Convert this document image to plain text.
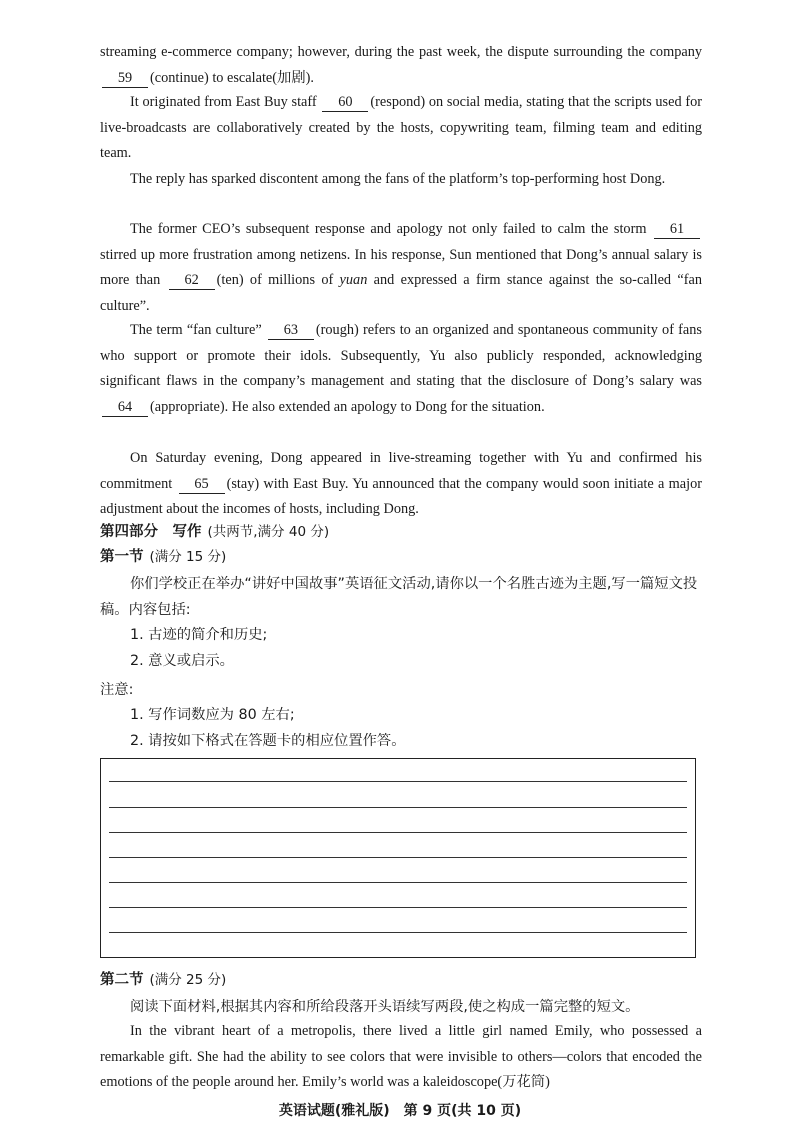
streaming e-commerce company; however, during the past week, the dispute surrounding the company 59 (continue) to escalate(加剧).

It originated from East Buy staff 60 (respond) on social media, stating that the scripts used for live-broadcasts are collaboratively created by the hosts, copywriting team, filming team and editing team.

The reply has sparked discontent among the fans of the platform’s top-performing host Dong.

The former CEO’s subsequent response and apology not only failed to calm the storm 61 stirred up more frustration among netizens. In his response, Sun mentioned that Dong’s annual salary is more than 62 (ten) of millions of yuan and expressed a firm stance against the so-called “fan culture”.

The term “fan culture” 63 (rough) refers to an organized and spontaneous community of fans who support or promote their idols. Subsequently, Yu also publicly responded, acknowledging significant flaws in the company’s management and stating that the disclosure of Dong’s salary was 64 (appropriate). He also extended an apology to Dong for the situation.

On Saturday evening, Dong appeared in live-streaming together with Yu and confirmed his commitment 65 (stay) with East Buy. Yu announced that the company would soon initiate a major adjustment about the incomes of hosts, including Dong.

第四部分　写作 (共两节,满分 40 分)

第一节 (满分 15 分)

你们学校正在举办“讲好中国故事”英语征文活动,请你以一个名胜古迹为主题,写一篇短文投稿。内容包括:

1. 古迹的简介和历史;

2. 意义或启示。

注意:

1. 写作词数应为 80 左右;

2. 请按如下格式在答题卡的相应位置作答。

第二节 (满分 25 分)

阅读下面材料,根据其内容和所给段落开头语续写两段,使之构成一篇完整的短文。

In the vibrant heart of a metropolis, there lived a little girl named Emily, who possessed a remarkable gift. She had the ability to see colors that were invisible to others—colors that encoded the emotions of the people around her. Emily’s world was a kaleidoscope(万花筒)

英语试题(雅礼版)　第 9 页(共 10 页)
